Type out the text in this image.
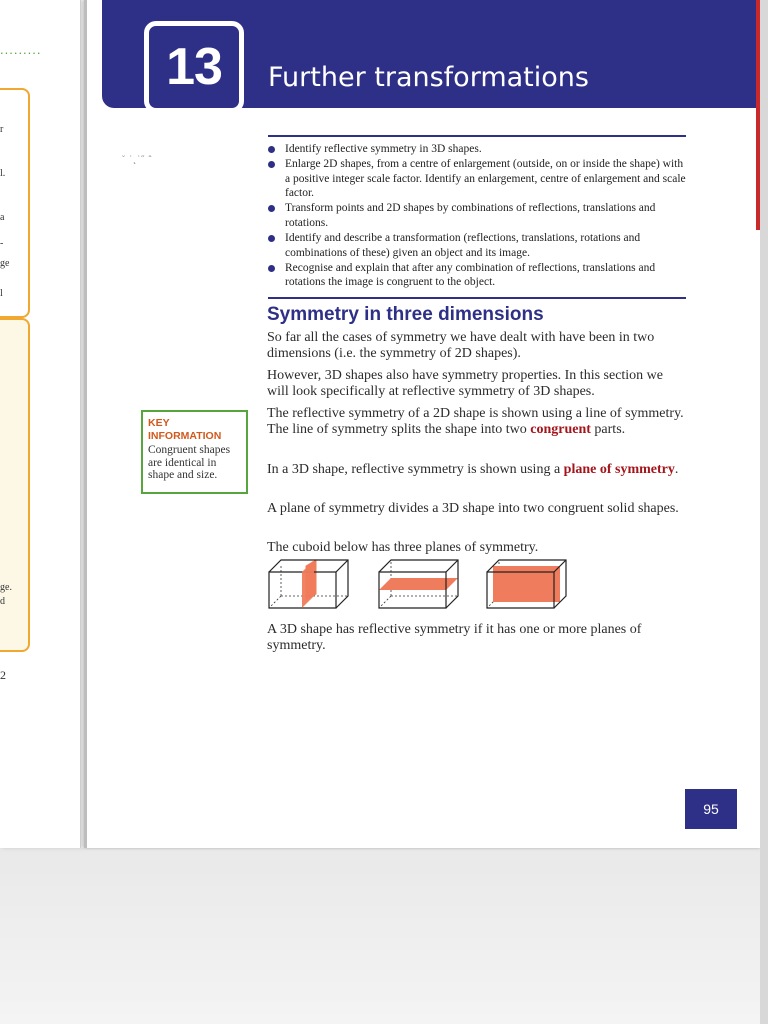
.........
r
l.
a
-
ge
l
ge.
d
2
13	Further transformations
Identify reflective symmetry in 3D shapes.
Enlarge 2D shapes, from a centre of enlargement (outside, on or inside the shape) with a positive integer scale factor. Identify an enlargement, centre of enlargement and scale factor.
Transform points and 2D shapes by combinations of reflections, translations and rotations.
Identify and describe a transformation (reflections, translations, rotations and combinations of these) given an object and its image.
Recognise and explain that after any combination of reflections, translations and rotations the image is congruent to the object.
˘ ˙˛˙˝ ˆ
Symmetry in three dimensions

So far all the cases of symmetry we have dealt with have been in two dimensions (i.e. the symmetry of 2D shapes).

However, 3D shapes also have symmetry properties. In this section we will look specifically at reflective symmetry of 3D shapes.

The reflective symmetry of a 2D shape is shown using a line of symmetry. The line of symmetry splits the shape into two congruent parts.

In a 3D shape, reflective symmetry is shown using a plane of symmetry.

A plane of symmetry divides a 3D shape into two congruent solid shapes.

The cuboid below has three planes of symmetry.

KEY INFORMATION
Congruent shapes are identical in shape and size.

A 3D shape has reflective symmetry if it has one or more planes of symmetry.

95
